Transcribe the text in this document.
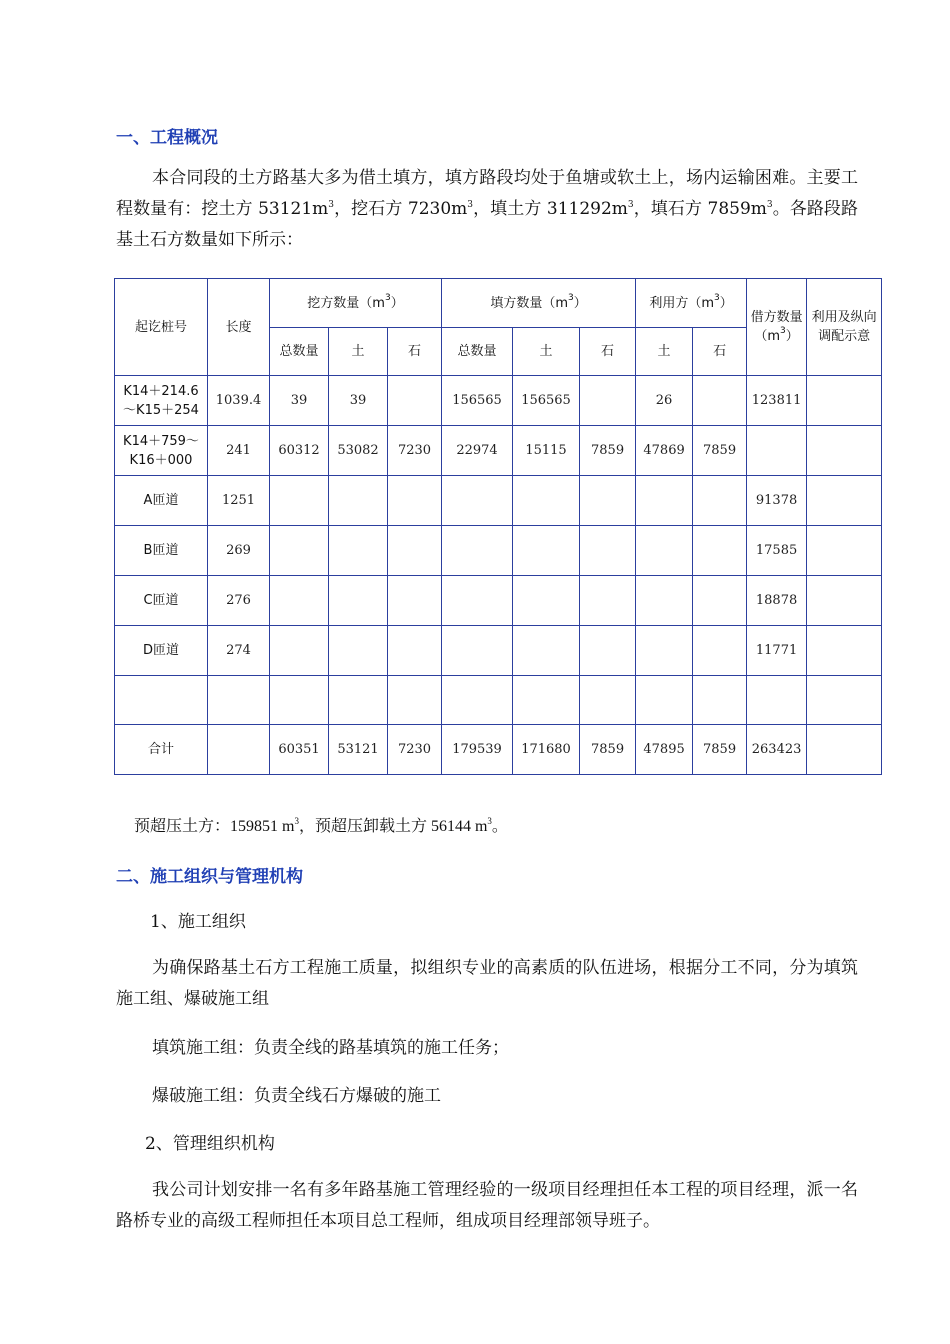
一、工程概况

本合同段的土方路基大多为借土填方，填方路段均处于鱼塘或软土上，场内运输困难。主要工程数量有：挖土方 $53121m^3$，挖石方 $7230m^3$，填土方 $311292m^3$，填石方 $7859m^3$。各路段路基土石方数量如下所示：

起讫桩号	长度	挖方数量$(m^3)$			填方数量$(m^3)$			利用方$(m^3)$		借方数量$(m^3)$	利用及纵向调配示意
		总数量	土	石	总数量	土	石	土	石		
K14＋214.6～K15＋254	1039.4	39	39		156565	156565		26		123811	
K14＋759～K16＋000	241	60312	53082	7230	22974	15115	7859	47869	7859		
A匝道	1251									91378	
B匝道	269									17585	
C匝道	276									18878	
D匝道	274									11771	

合计		60351	53121	7230	179539	171680	7859	47895	7859	263423	

预超压土方：159851 $m^3$，预超压卸载土方 56144 $m^3$。

二、施工组织与管理机构

1、施工组织

为确保路基土石方工程施工质量，拟组织专业的高素质的队伍进场，根据分工不同，分为填筑施工组、爆破施工组

填筑施工组：负责全线的路基填筑的施工任务；

爆破施工组：负责全线石方爆破的施工

2、管理组织机构

我公司计划安排一名有多年路基施工管理经验的一级项目经理担任本工程的项目经理，派一名路桥专业的高级工程师担任本项目总工程师，组成项目经理部领导班子。
